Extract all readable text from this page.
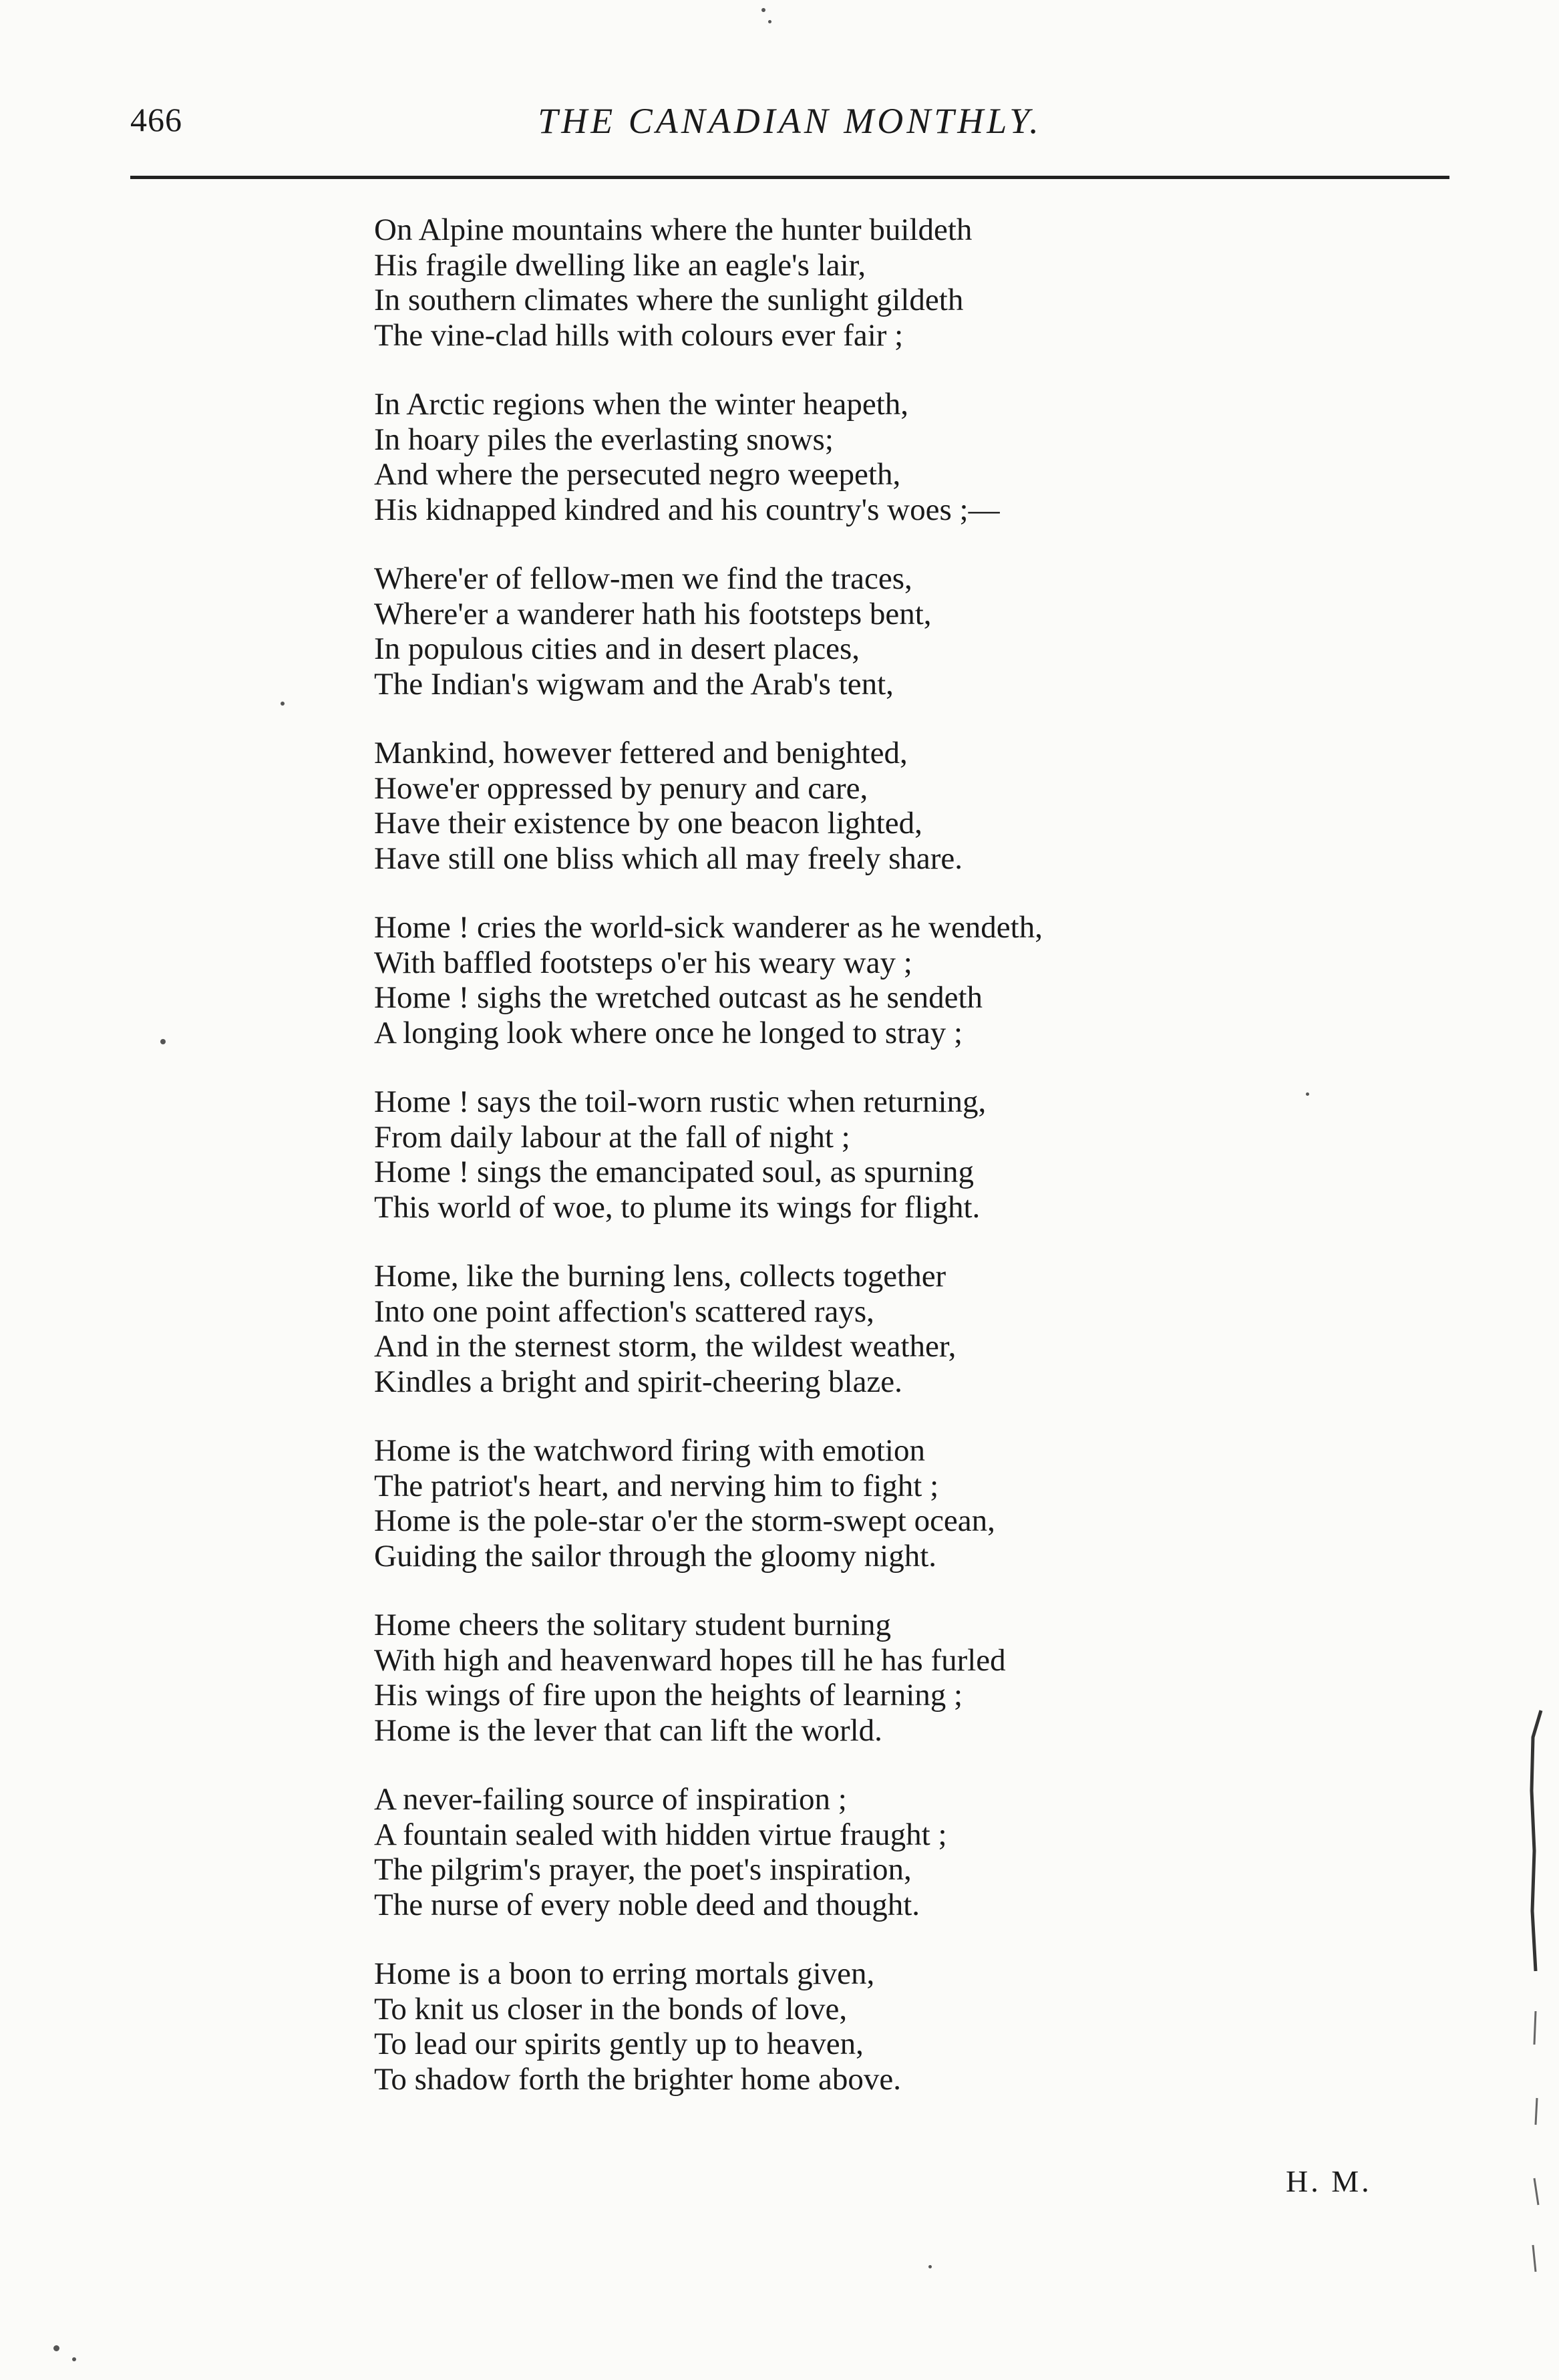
466	THE CANADIAN MONTHLY.
On Alpine mountains where the hunter buildeth
His fragile dwelling like an eagle's lair,
In southern climates where the sunlight gildeth
The vine-clad hills with colours ever fair ;
In Arctic regions when the winter heapeth,
In hoary piles the everlasting snows;
And where the persecuted negro weepeth,
His kidnapped kindred and his country's woes ;—
Where'er of fellow-men we find the traces,
Where'er a wanderer hath his footsteps bent,
In populous cities and in desert places,
The Indian's wigwam and the Arab's tent,
Mankind, however fettered and benighted,
Howe'er oppressed by penury and care,
Have their existence by one beacon lighted,
Have still one bliss which all may freely share.
Home ! cries the world-sick wanderer as he wendeth,
With baffled footsteps o'er his weary way ;
Home ! sighs the wretched outcast as he sendeth
A longing look where once he longed to stray ;
Home ! says the toil-worn rustic when returning,
From daily labour at the fall of night ;
Home ! sings the emancipated soul, as spurning
This world of woe, to plume its wings for flight.
Home, like the burning lens, collects together
Into one point affection's scattered rays,
And in the sternest storm, the wildest weather,
Kindles a bright and spirit-cheering blaze.
Home is the watchword firing with emotion
The patriot's heart, and nerving him to fight ;
Home is the pole-star o'er the storm-swept ocean,
Guiding the sailor through the gloomy night.
Home cheers the solitary student burning
With high and heavenward hopes till he has furled
His wings of fire upon the heights of learning ;
Home is the lever that can lift the world.
A never-failing source of inspiration ;
A fountain sealed with hidden virtue fraught ;
The pilgrim's prayer, the poet's inspiration,
The nurse of every noble deed and thought.
Home is a boon to erring mortals given,
To knit us closer in the bonds of love,
To lead our spirits gently up to heaven,
To shadow forth the brighter home above.
H. M.
